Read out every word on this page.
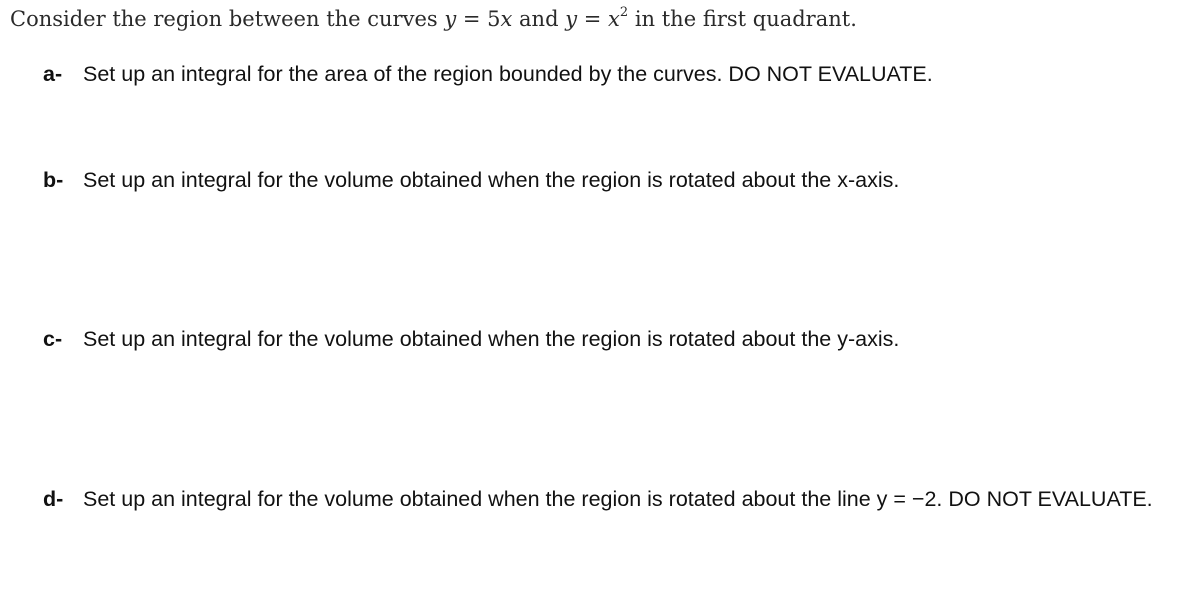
Consider the region between the curves y = 5x and $y = x^2$ in the first quadrant.
a- Set up an integral for the area of the region bounded by the curves. DO NOT EVALUATE.
b- Set up an integral for the volume obtained when the region is rotated about the x-axis.
c- Set up an integral for the volume obtained when the region is rotated about the y-axis.
d- Set up an integral for the volume obtained when the region is rotated about the line y = −2. DO NOT EVALUATE.
